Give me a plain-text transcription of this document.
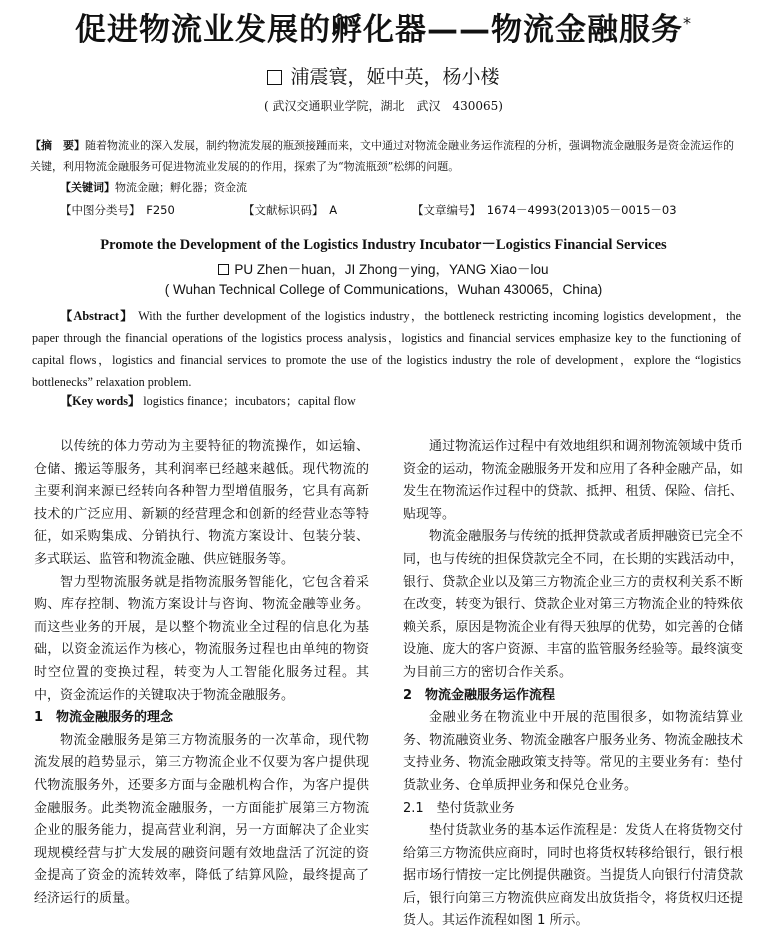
促进物流业发展的孵化器——物流金融服务*
浦震寰，姬中英，杨小楼
( 武汉交通职业学院，湖北　武汉　430065)
【摘　要】随着物流业的深入发展，制约物流发展的瓶颈接踵而来，文中通过对物流金融业务运作流程的分析，强调物流金融服务是资金流运作的关键，利用物流金融服务可促进物流业发展的的作用，探索了为“物流瓶颈”松绑的问题。
【关键词】物流金融；孵化器；资金流
【中图分类号】　F250	【文献标识码】　A	【文章编号】　1674－4993(2013)05－0015－03
Promote the Development of the Logistics Industry Incubator－Logistics Financial Services
PU Zhen－huan，JI Zhong－ying，YANG Xiao－lou
( Wuhan Technical College of Communications，Wuhan 430065，China)
【Abstract】 With the further development of the logistics industry，the bottleneck restricting incoming logistics development，the paper through the financial operations of the logistics process analysis，logistics and financial services emphasize key to the functioning of capital flows，logistics and financial services to promote the use of the logistics industry the role of development，explore the “logistics bottlenecks” relaxation problem.
【Key words】 logistics finance；incubators；capital flow

以传统的体力劳动为主要特征的物流操作，如运输、仓储、搬运等服务，其利润率已经越来越低。现代物流的主要利润来源已经转向各种智力型增值服务，它具有高新技术的广泛应用、新颖的经营理念和创新的经营业态等特征，如采购集成、分销执行、物流方案设计、包装分装、多式联运、监管和物流金融、供应链服务等。

智力型物流服务就是指物流服务智能化，它包含着采购、库存控制、物流方案设计与咨询、物流金融等业务。而这些业务的开展，是以整个物流业全过程的信息化为基础，以资金流运作为核心，物流服务过程也由单纯的物资时空位置的变换过程，转变为人工智能化服务过程。其中，资金流运作的关键取决于物流金融服务。

1　物流金融服务的理念

物流金融服务是第三方物流服务的一次革命，现代物流发展的趋势显示，第三方物流企业不仅要为客户提供现代物流服务外，还要多方面与金融机构合作，为客户提供金融服务。此类物流金融服务，一方面能扩展第三方物流企业的服务能力，提高营业利润，另一方面解决了企业实现规模经营与扩大发展的融资问题有效地盘活了沉淀的资金提高了资金的流转效率，降低了结算风险，最终提高了经济运行的质量。

通过物流运作过程中有效地组织和调剂物流领域中货币资金的运动，物流金融服务开发和应用了各种金融产品，如发生在物流运作过程中的贷款、抵押、租赁、保险、信托、贴现等。

物流金融服务与传统的抵押贷款或者质押融资已完全不同，也与传统的担保贷款完全不同，在长期的实践活动中，银行、贷款企业以及第三方物流企业三方的责权利关系不断在改变，转变为银行、贷款企业对第三方物流企业的特殊依赖关系，原因是物流企业有得天独厚的优势，如完善的仓储设施、庞大的客户资源、丰富的监管服务经验等。最终演变为目前三方的密切合作关系。

2　物流金融服务运作流程

金融业务在物流业中开展的范围很多，如物流结算业务、物流融资业务、物流金融客户服务业务、物流金融技术支持业务、物流金融政策支持等。常见的主要业务有：垫付货款业务、仓单质押业务和保兑仓业务。

2.1　垫付货款业务

垫付货款业务的基本运作流程是：发货人在将货物交付给第三方物流供应商时，同时也将货权转移给银行，银行根据市场行情按一定比例提供融资。当提货人向银行付清贷款后，银行向第三方物流供应商发出放货指令，将货权归还提货人。其运作流程如图 1 所示。
